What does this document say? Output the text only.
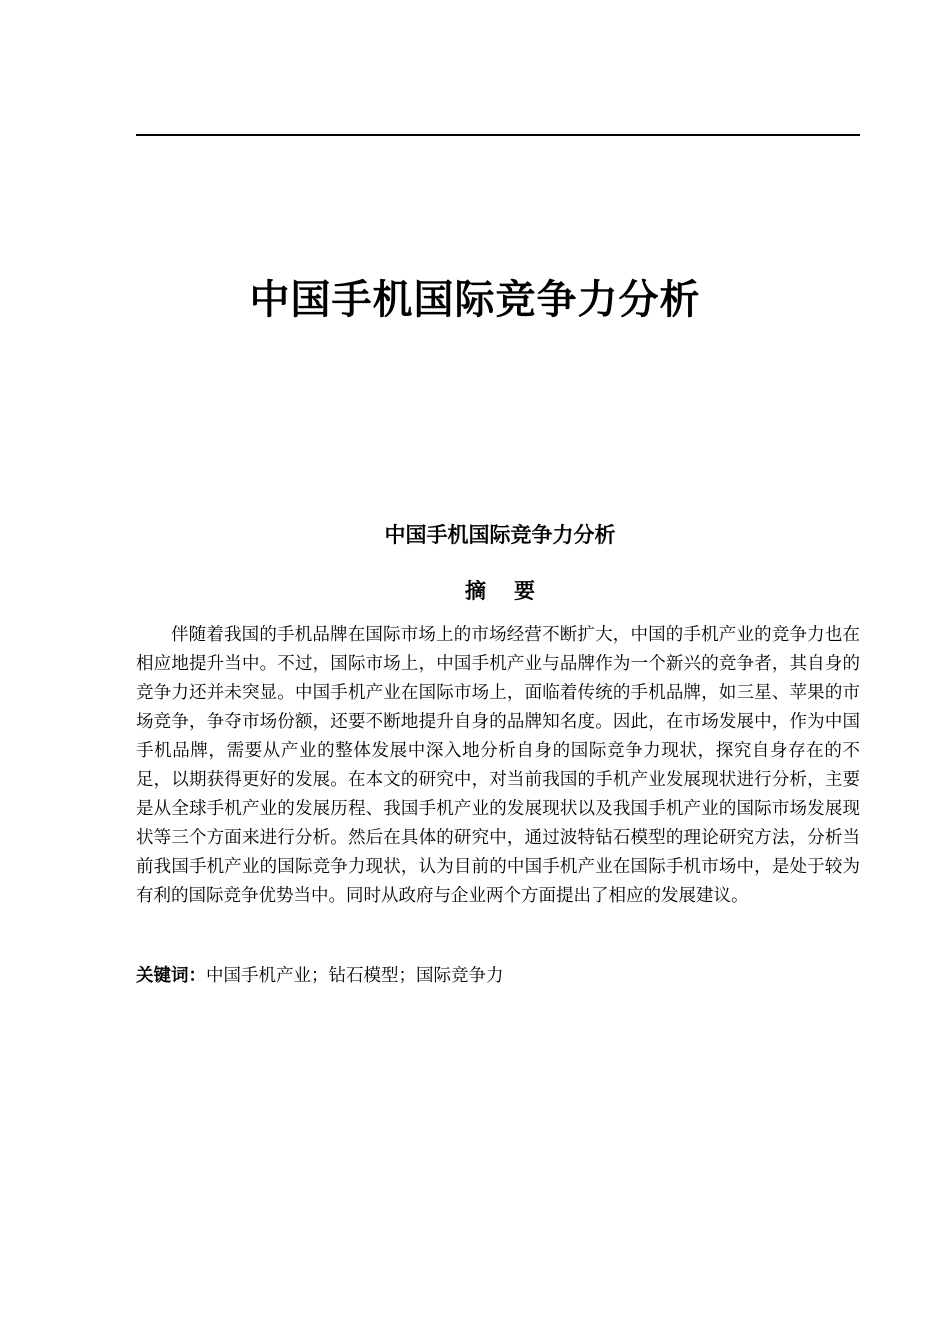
中国手机国际竞争力分析
中国手机国际竞争力分析
摘要

伴随着我国的手机品牌在国际市场上的市场经营不断扩大，中国的手机产业的竞争力也在相应地提升当中。不过，国际市场上，中国手机产业与品牌作为一个新兴的竞争者，其自身的竞争力还并未突显。中国手机产业在国际市场上，面临着传统的手机品牌，如三星、苹果的市场竞争，争夺市场份额，还要不断地提升自身的品牌知名度。因此，在市场发展中，作为中国手机品牌，需要从产业的整体发展中深入地分析自身的国际竞争力现状，探究自身存在的不足，以期获得更好的发展。在本文的研究中，对当前我国的手机产业发展现状进行分析，主要是从全球手机产业的发展历程、我国手机产业的发展现状以及我国手机产业的国际市场发展现状等三个方面来进行分析。然后在具体的研究中，通过波特钻石模型的理论研究方法，分析当前我国手机产业的国际竞争力现状，认为目前的中国手机产业在国际手机市场中，是处于较为有利的国际竞争优势当中。同时从政府与企业两个方面提出了相应的发展建议。

关键词：中国手机产业；钻石模型；国际竞争力
